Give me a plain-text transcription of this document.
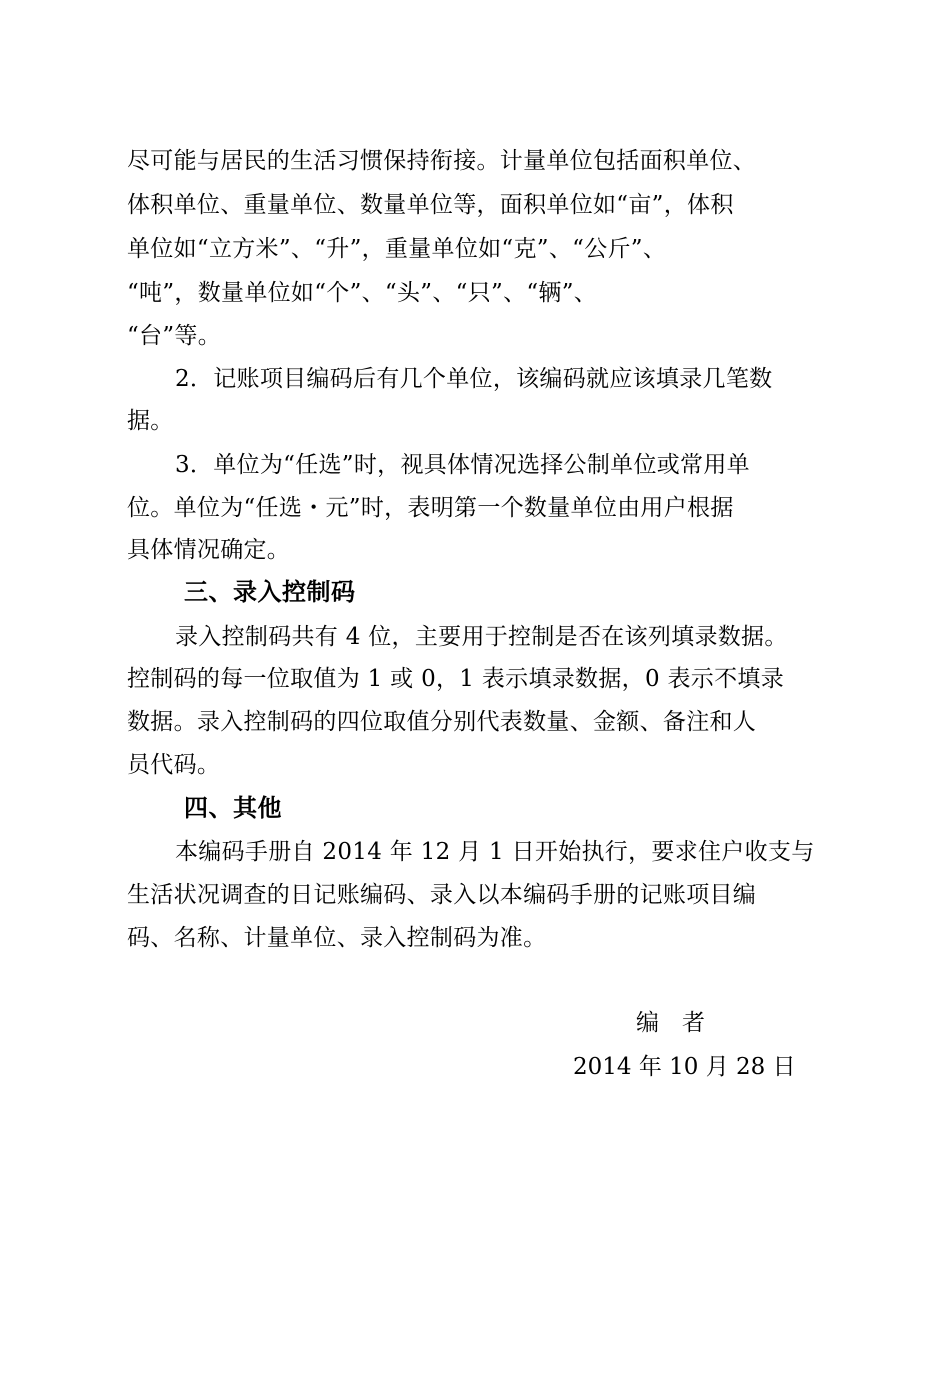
尽可能与居民的生活习惯保持衔接。计量单位包括面积单位、
体积单位、重量单位、数量单位等，面积单位如“亩”，体积
单位如“立方米”、“升”，重量单位如“克”、“公斤”、
“吨”，数量单位如“个”、“头”、“只”、“辆”、
“台”等。
2．记账项目编码后有几个单位，该编码就应该填录几笔数
据。
3．单位为“任选”时，视具体情况选择公制单位或常用单
位。单位为“任选・元”时，表明第一个数量单位由用户根据
具体情况确定。
三、录入控制码
录入控制码共有 4 位，主要用于控制是否在该列填录数据。
控制码的每一位取值为 1 或 0，1 表示填录数据，0 表示不填录
数据。录入控制码的四位取值分别代表数量、金额、备注和人
员代码。
四、其他
本编码手册自 2014 年 12 月 1 日开始执行，要求住户收支与
生活状况调查的日记账编码、录入以本编码手册的记账项目编
码、名称、计量单位、录入控制码为准。
编　者
2014 年 10 月 28 日
